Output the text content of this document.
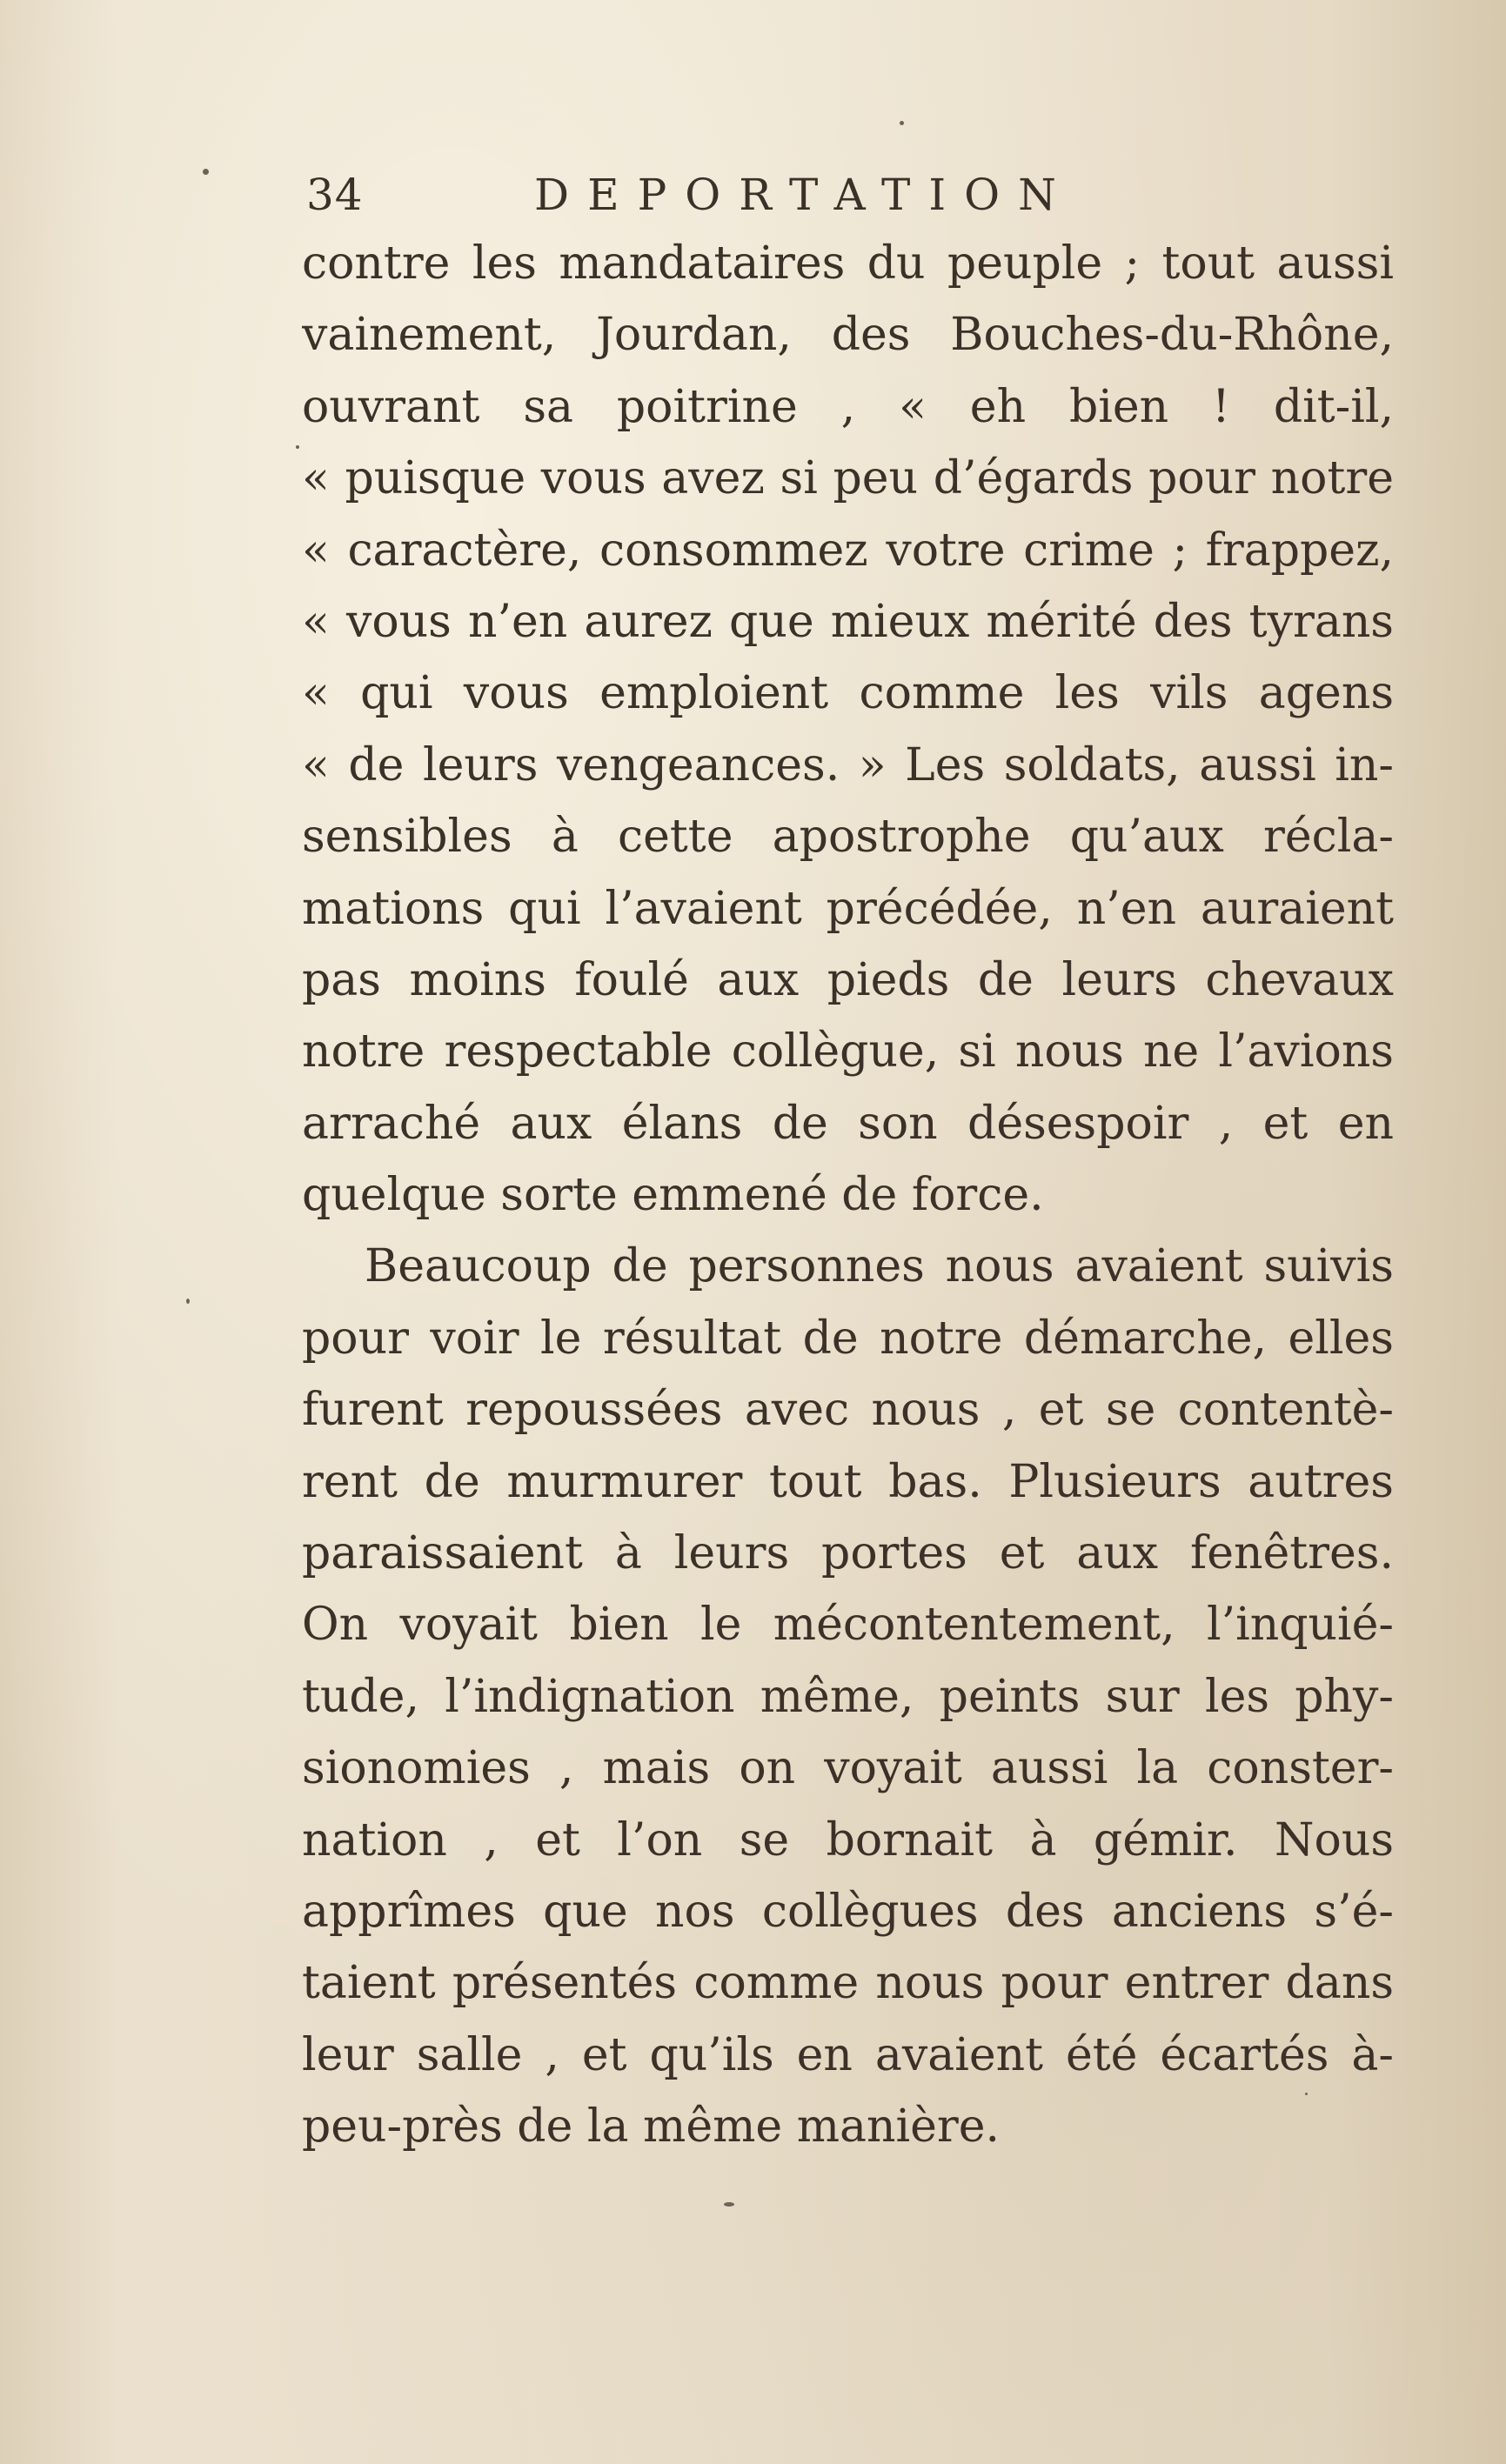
34	DEPORTATION
contre les mandataires du peuple ; tout aussi
vainement, Jourdan, des Bouches-du-Rhône,
ouvrant sa poitrine , « eh bien ! dit-il,
« puisque vous avez si peu d’égards pour notre
« caractère, consommez votre crime ; frappez,
« vous n’en aurez que mieux mérité des tyrans
« qui vous emploient comme les vils agens
« de leurs vengeances. » Les soldats, aussi in-
sensibles à cette apostrophe qu’aux récla-
mations qui l’avaient précédée, n’en auraient
pas moins foulé aux pieds de leurs chevaux
notre respectable collègue, si nous ne l’avions
arraché aux élans de son désespoir , et en
quelque sorte emmené de force.
Beaucoup de personnes nous avaient suivis
pour voir le résultat de notre démarche, elles
furent repoussées avec nous , et se contentè-
rent de murmurer tout bas. Plusieurs autres
paraissaient à leurs portes et aux fenêtres.
On voyait bien le mécontentement, l’inquié-
tude, l’indignation même, peints sur les phy-
sionomies , mais on voyait aussi la conster-
nation , et l’on se bornait à gémir. Nous
apprîmes que nos collègues des anciens s’é-
taient présentés comme nous pour entrer dans
leur salle , et qu’ils en avaient été écartés à-
peu-près de la même manière.
